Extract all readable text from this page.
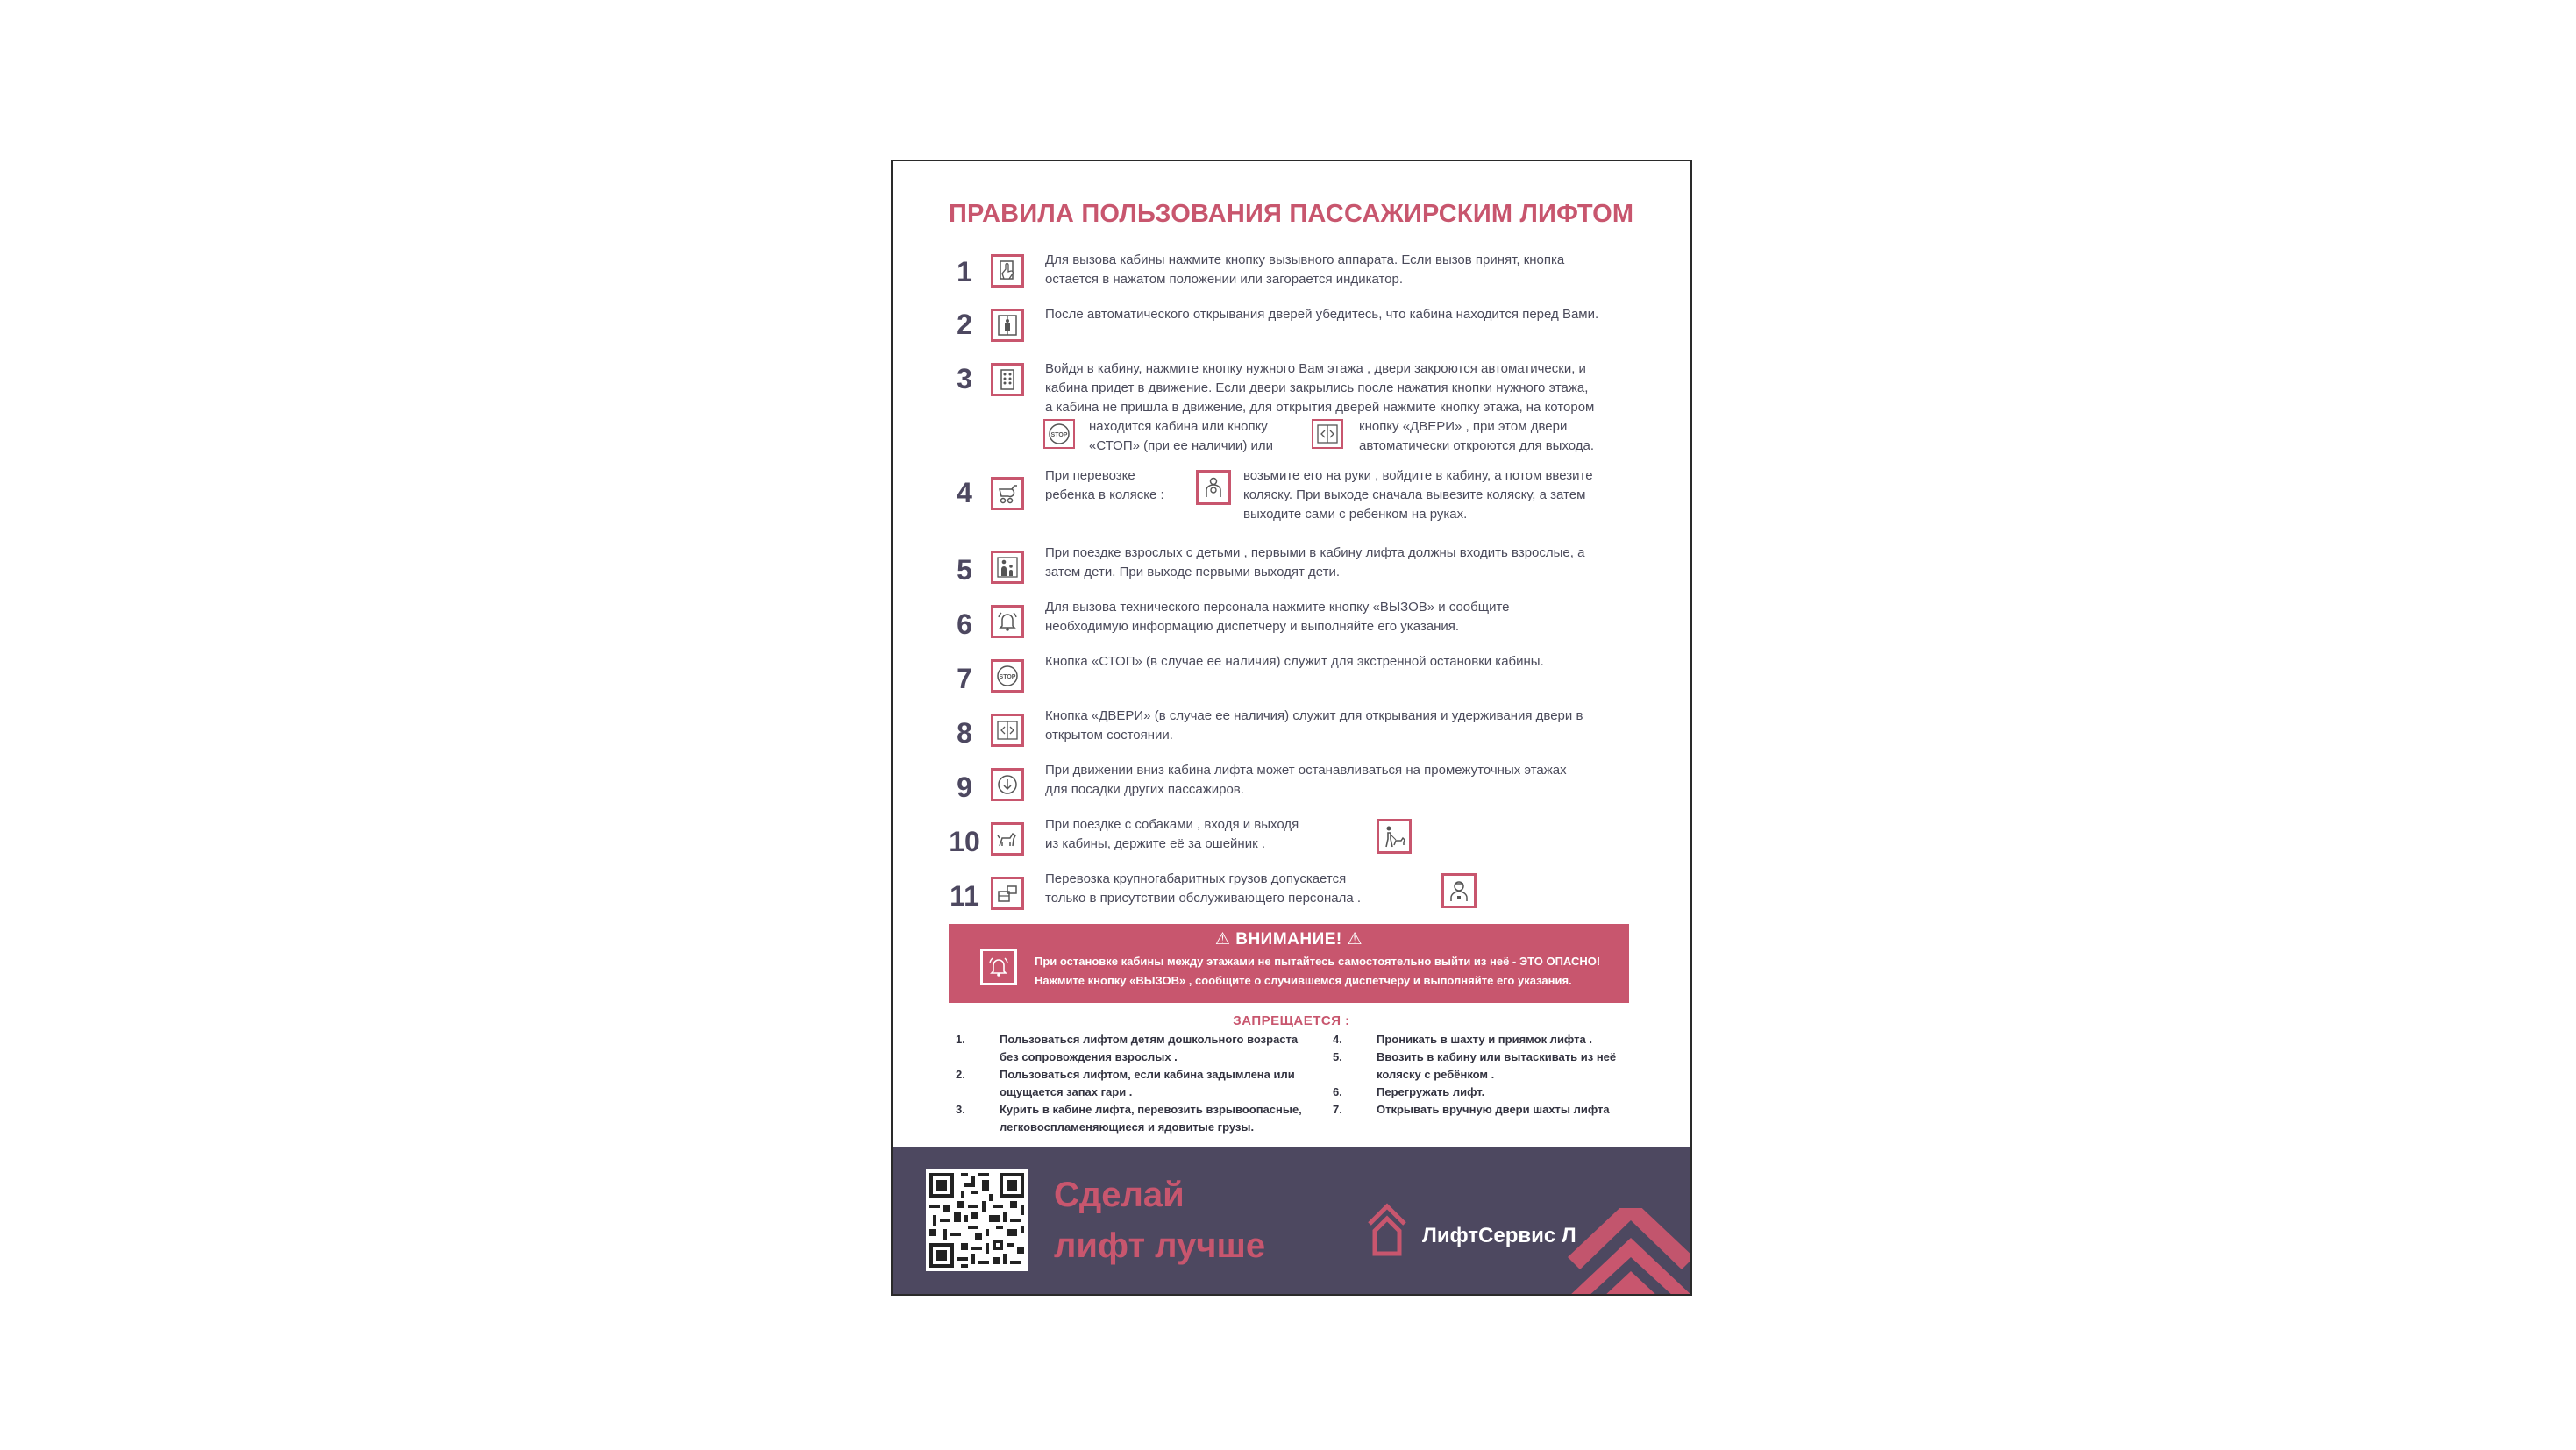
ПРАВИЛА ПОЛЬЗОВАНИЯ ПАССАЖИРСКИМ ЛИФТОМ
1	Для вызова кабины нажмите кнопку вызывного аппарата. Если вызов принят, кнопка
остается в нажатом положении или загорается индикатор.
2	После автоматического открывания дверей убедитесь, что кабина находится перед Вами.
3	Войдя в кабину, нажмите кнопку нужного Вам этажа , двери закроются автоматически, и
кабина придет в движение. Если двери закрылись после нажатия кнопки нужного этажа,
а кабина не пришла в движение, для открытия дверей нажмите кнопку этажа, на котором
STOP
находится кабина или кнопку
«СТОП» (при ее наличии) или
кнопку «ДВЕРИ» , при этом двери
автоматически откроются для выхода.
4
При перевозке
ребенка в коляске :
возьмите его на руки , войдите в кабину, а потом ввезите
коляску. При выходе сначала вывезите коляску, а затем
выходите сами с ребенком на руках.
5
При поездке взрослых с детьми , первыми в кабину лифта должны входить взрослые, а
затем дети. При выходе первыми выходят дети.
6
Для вызова технического персонала нажмите кнопку «ВЫЗОВ» и сообщите
необходимую информацию диспетчеру и выполняйте его указания.
7	STOP
Кнопка «СТОП» (в случае ее наличия) служит для экстренной остановки кабины.
8
Кнопка «ДВЕРИ» (в случае ее наличия) служит для открывания и удерживания двери в
открытом состоянии.
9
При движении вниз кабина лифта может останавливаться на промежуточных этажах
для посадки других пассажиров.
10
При поездке с собаками , входя и выходя
из кабины, держите её за ошейник .
11
Перевозка крупногабаритных грузов допускается
только в присутствии обслуживающего персонала .
⚠ ВНИМАНИЕ! ⚠
При остановке кабины между этажами не пытайтесь самостоятельно выйти из неё - ЭТО ОПАСНО!
Нажмите кнопку «ВЫЗОВ» , сообщите о случившемся диспетчеру и выполняйте его указания.
ЗАПРЕЩАЕТСЯ :
1.	Пользоваться лифтом детям дошкольного возраста
без сопровождения взрослых .
2.	Пользоваться лифтом, если кабина задымлена или
ощущается запах гари .
3.	Курить в кабине лифта, перевозить взрывоопасные,
легковоспламеняющиеся и ядовитые грузы.
4.	Проникать в шахту и приямок лифта .
5.	Ввозить в кабину или вытаскивать из неё
коляску с ребёнком .
6.	Перегружать лифт.
7.	Открывать вручную двери шахты лифта
Сделай
лифт лучше	ЛифтСервис Л
